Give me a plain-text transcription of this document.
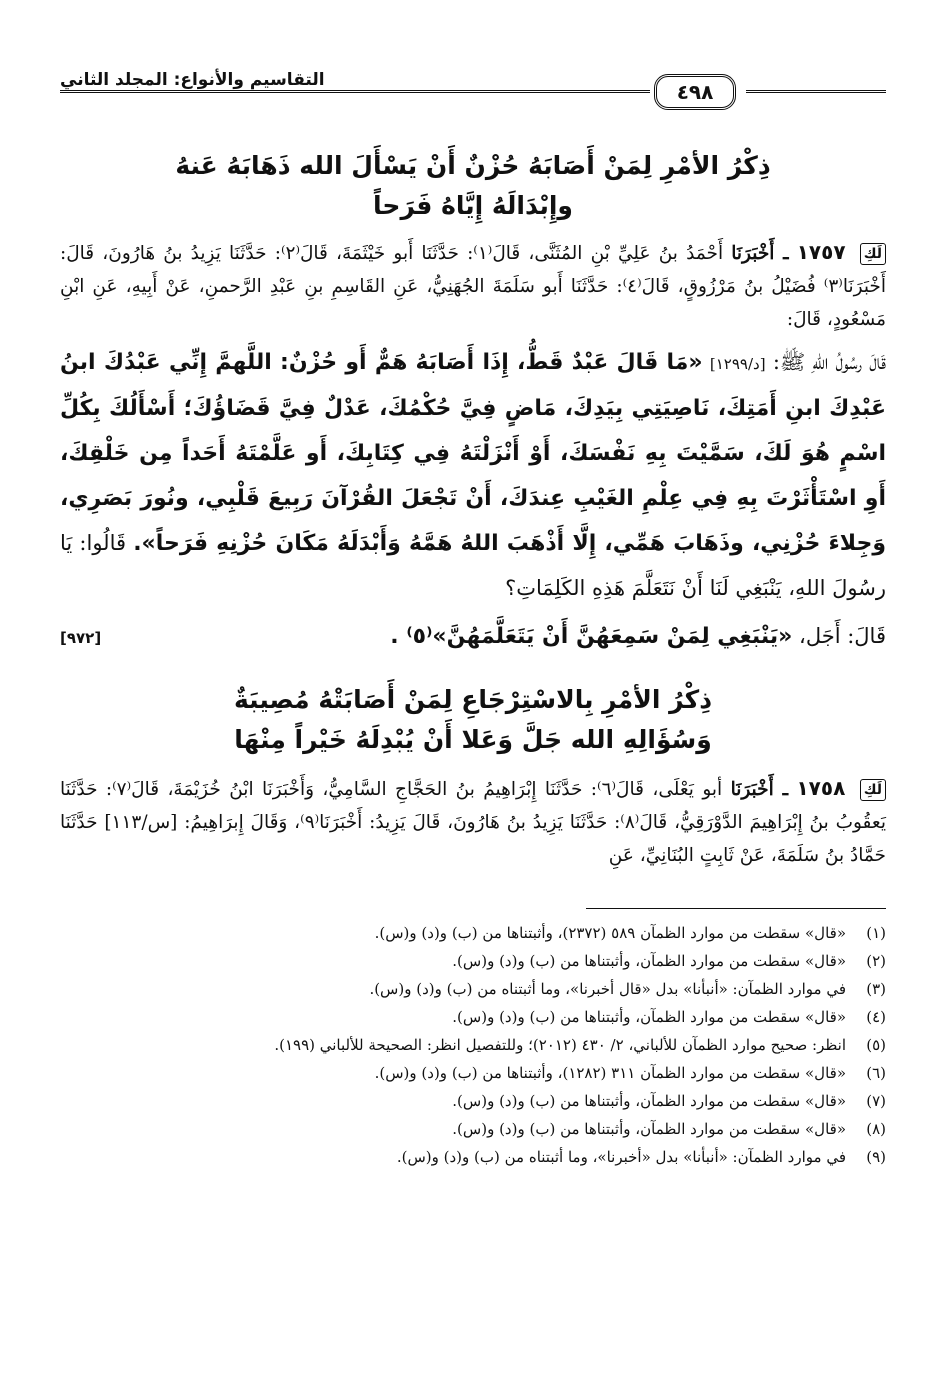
٤٩٨
التقاسيم والأنواع: المجلد الثاني
ذِكْرُ الأمْرِ لِمَنْ أَصَابَهُ حُزْنٌ أَنْ يَسْأَلَ الله ذَهَابَهُ عَنهُ
وإِبْدَالَهُ إِيَّاهُ فَرَحاً

لَكِ ١٧٥٧ ـ أَخْبَرَنَا أَحْمَدُ بنُ عَلِيِّ بْنِ المُثَنَّى، قَالَ⁽١⁾: حَدَّثَنَا أَبو خَيْثَمَةَ، قَالَ⁽٢⁾: حَدَّثَنَا يَزِيدُ بنُ هَارُونَ، قَالَ: أَخْبَرَنَا⁽٣⁾ فُضَيْلُ بنُ مَرْزُوقٍ، قَالَ⁽٤⁾: حَدَّثَنَا أَبو سَلَمَةَ الجُهَنِيُّ، عَنِ القَاسِمِ بنِ عَبْدِ الرَّحمنِ، عَنْ أَبِيهِ، عَنِ ابْنِ مَسْعُودٍ، قَالَ:

قَالَ رسُولُ اللهِ ﷺ: [د/١٢٩٩] «مَا قَالَ عَبْدٌ قَطُّ، إِذَا أَصَابَهُ هَمٌّ أَو حُزْنٌ: اللَّهمَّ إِنِّي عَبْدُكَ ابنُ عَبْدِكَ ابنِ أَمَتِكَ، نَاصِيَتِي بِيَدِكَ، مَاضٍ فِيَّ حُكْمُكَ، عَدْلٌ فِيَّ قَضَاؤُكَ؛ أَسْأَلُكَ بِكُلِّ اسْمٍ هُوَ لَكَ، سَمَّيْتَ بِهِ نَفْسَكَ، أَوْ أَنْزَلْتَهُ فِي كِتَابِكَ، أَو عَلَّمْتَهُ أَحَداً مِن خَلْقِكَ، أَوِ اسْتَأْثَرْتَ بِهِ فِي عِلْمِ الغَيْبِ عِندَكَ، أَنْ تَجْعَلَ القُرْآنَ رَبِيعَ قَلْبِي، ونُورَ بَصَرِي، وَجِلاءَ حُزْنِي، وذَهَابَ هَمِّي، إِلَّا أَذْهَبَ اللهُ هَمَّهُ وَأَبْدَلَهُ مَكَانَ حُزْنِهِ فَرَحاً». قَالُوا: يَا رسُولَ اللهِ، يَنْبَغِي لَنَا أَنْ نَتَعَلَّمَ هَذِهِ الكَلِمَاتِ؟

قَالَ: أَجَل، «يَنْبَغِي لِمَنْ سَمِعَهُنَّ أَنْ يَتَعَلَّمَهُنَّ»⁽٥⁾ .
[٩٧٢]

ذِكْرُ الأمْرِ بِالاسْتِرْجَاعِ لِمَنْ أَصَابَتْهُ مُصِيبَةٌ
وَسُؤَالِهِ الله جَلَّ وَعَلا أَنْ يُبْدِلَهُ خَيْراً مِنْهَا

لَكِ ١٧٥٨ ـ أَخْبَرَنَا أبو يَعْلَى، قَالَ⁽٦⁾: حَدَّثَنَا إِبْرَاهِيمُ بنُ الحَجَّاجِ السَّامِيُّ، وَأَخْبَرَنَا ابْنُ خُزَيْمَةَ، قَالَ⁽٧⁾: حَدَّثَنَا يَعقُوبُ بنُ إِبْرَاهِيمَ الدَّوْرَقِيُّ، قَالَ⁽٨⁾: حَدَّثَنَا يَزِيدُ بنُ هَارُونَ، قَالَ يَزِيدُ: أَخْبَرَنَا⁽٩⁾، وَقَالَ إِبرَاهِيمُ: [س/١١٣] حَدَّثَنَا حَمَّادُ بنُ سَلَمَةَ، عَنْ ثَابِتٍ البُنَانِيِّ، عَنِ

(١)
«قال» سقطت من موارد الظمآن ٥٨٩ (٢٣٧٢)، وأثبتناها من (ب) و(د) و(س).
(٢)
«قال» سقطت من موارد الظمآن، وأثبتناها من (ب) و(د) و(س).
(٣)
في موارد الظمآن: «أنبأنا» بدل «قال أخبرنا»، وما أثبتناه من (ب) و(د) و(س).
(٤)
«قال» سقطت من موارد الظمآن، وأثبتناها من (ب) و(د) و(س).
(٥)
انظر: صحيح موارد الظمآن للألباني، ٢/ ٤٣٠ (٢٠١٢)؛ وللتفصيل انظر: الصحيحة للألباني (١٩٩).
(٦)
«قال» سقطت من موارد الظمآن ٣١١ (١٢٨٢)، وأثبتناها من (ب) و(د) و(س).
(٧)
«قال» سقطت من موارد الظمآن، وأثبتناها من (ب) و(د) و(س).
(٨)
«قال» سقطت من موارد الظمآن، وأثبتناها من (ب) و(د) و(س).
(٩)
في موارد الظمآن: «أنبأنا» بدل «أخبرنا»، وما أثبتناه من (ب) و(د) و(س).
